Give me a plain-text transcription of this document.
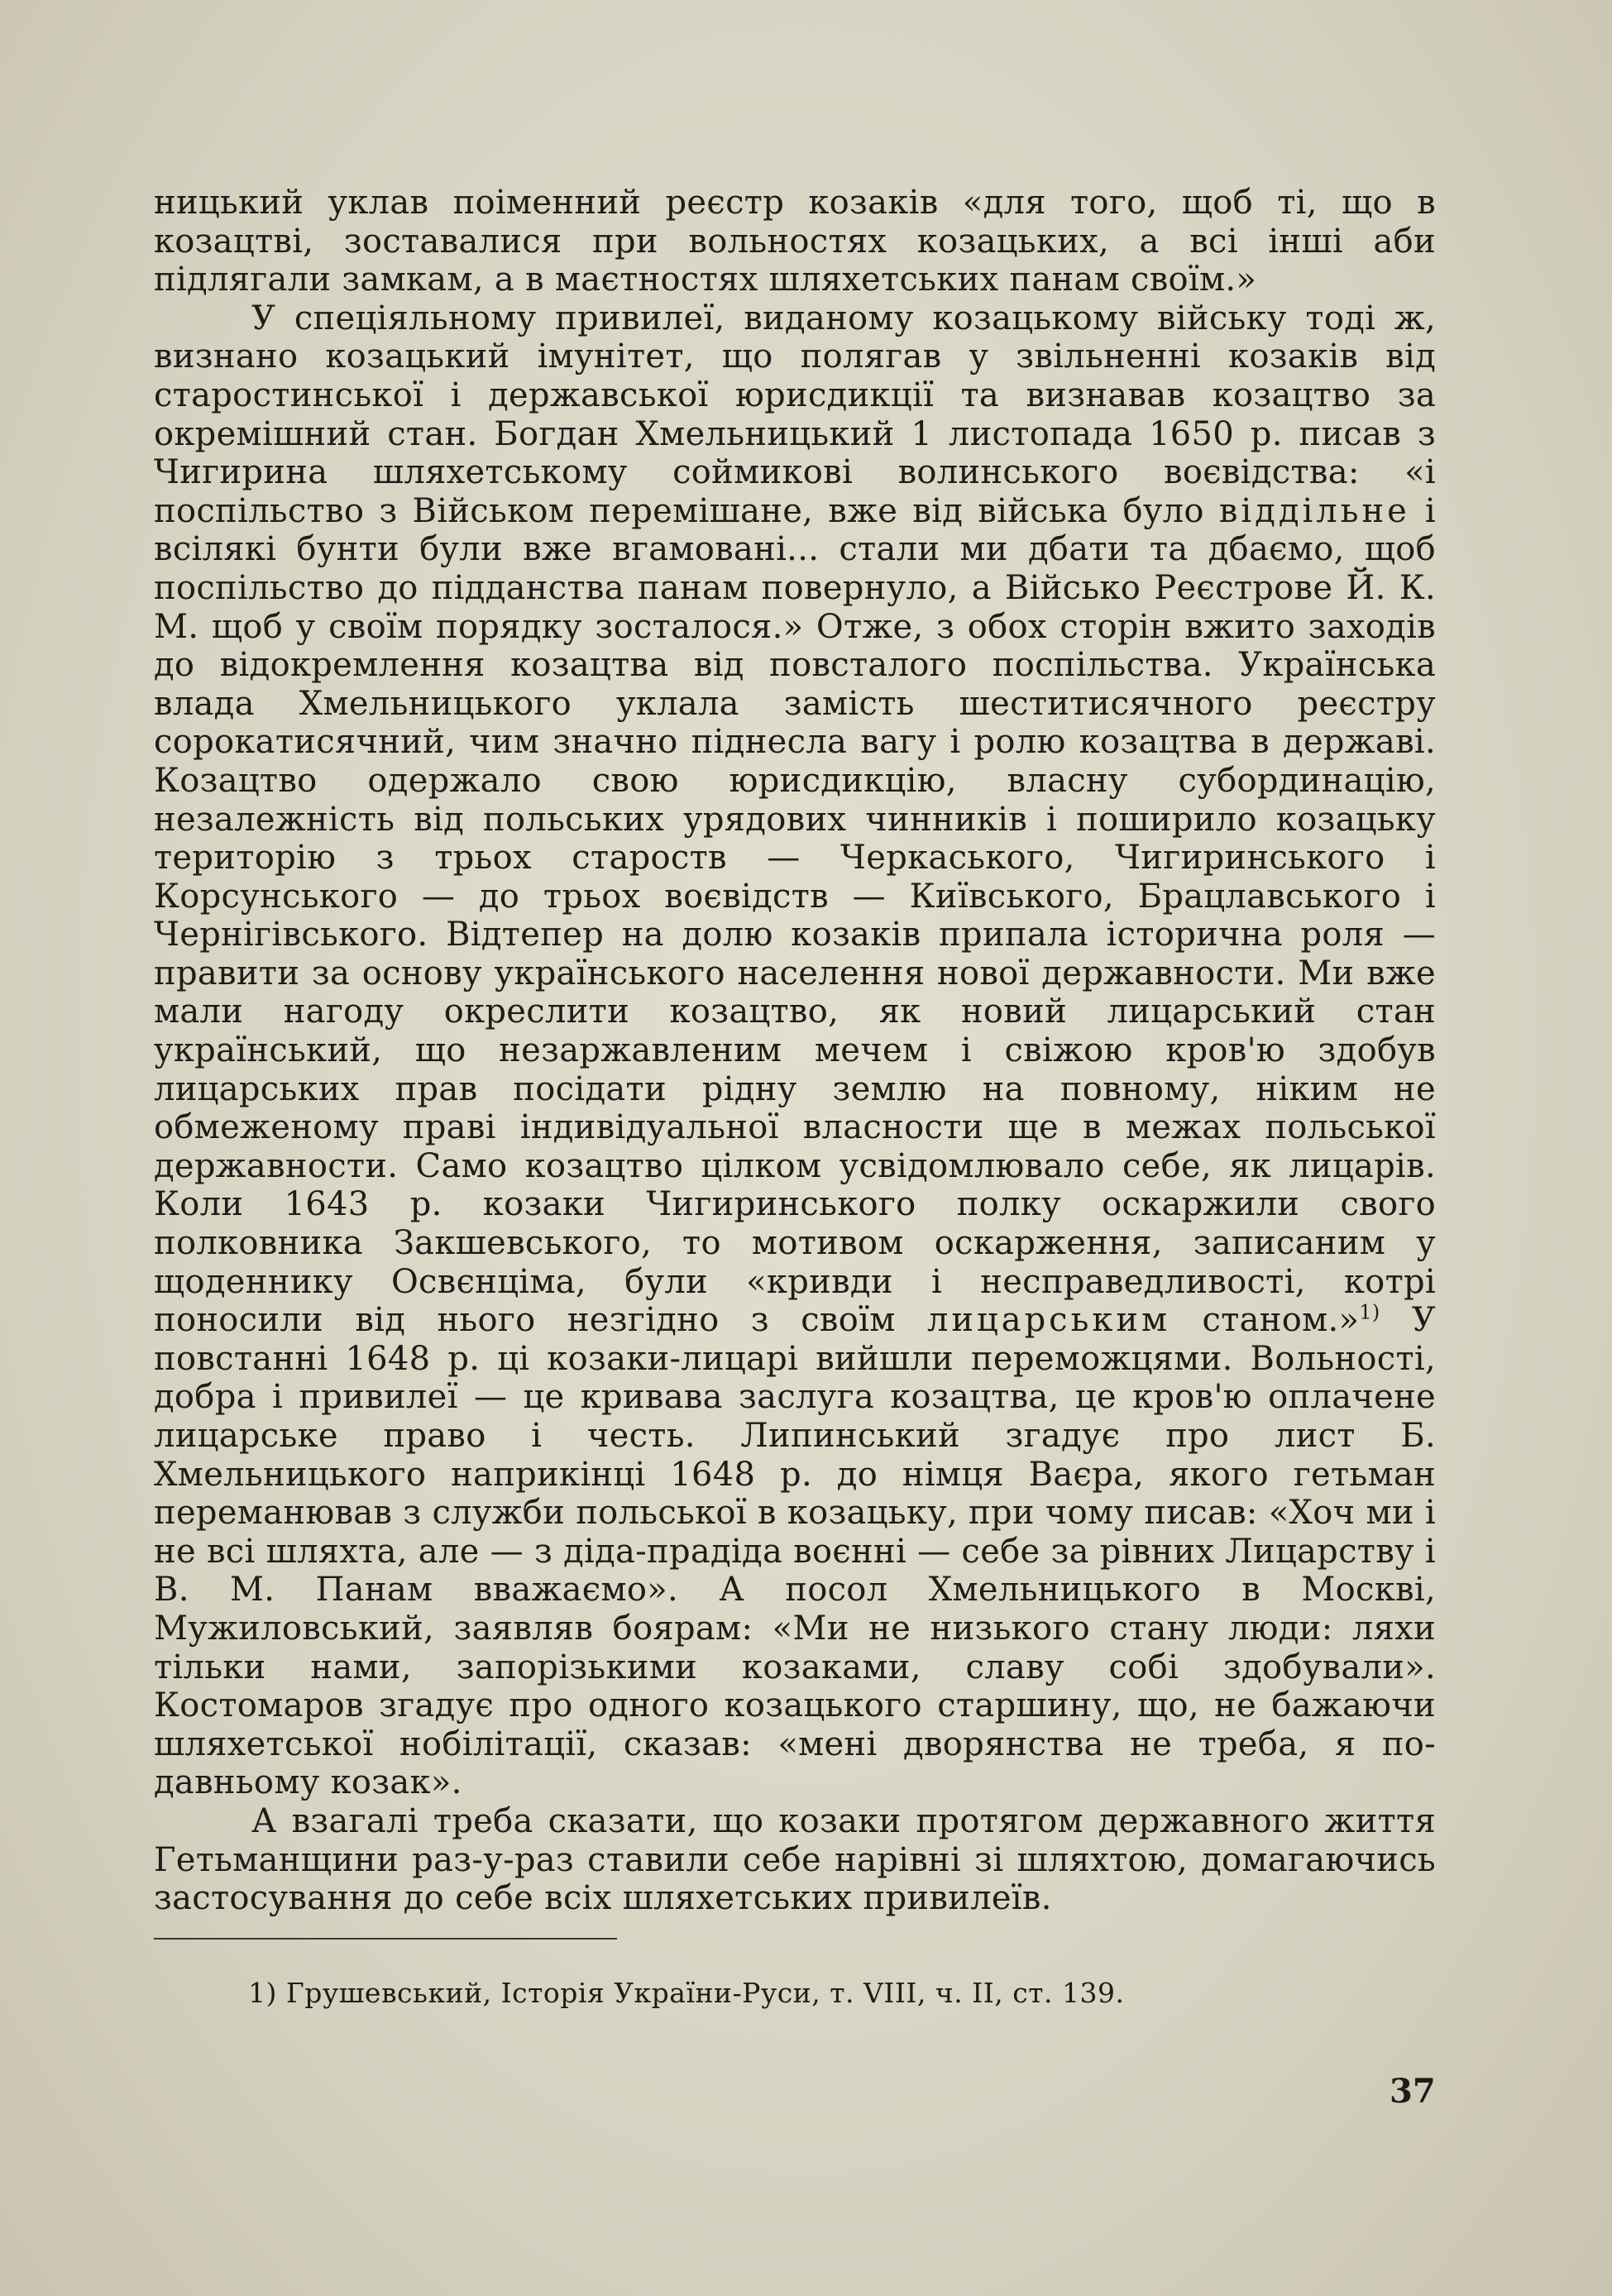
ницький уклав поіменний реєстр козаків «для того, щоб ті, що в козацтві, зоставалися при вольностях козацьких, а всі інші аби підлягали замкам, а в маєтностях шляхетських панам своїм.»

У спеціяльному привилеї, виданому козацькому війську тоді ж, визнано козацький імунітет, що полягав у звільненні козаків від старостинської і державської юрисдикції та визнавав козацтво за окремішний стан. Богдан Хмельницький 1 листопада 1650 р. писав з Чигирина шляхетському соймикові волинського воєвідства: «і поспільство з Військом перемішане, вже від війська було віддільне і всілякі бунти були вже вгамовані... стали ми дбати та дбаємо, щоб поспільство до підданства панам повернуло, а Військо Реєстрове Й. К. М. щоб у своїм порядку зосталося.» Отже, з обох сторін вжито заходів до відокремлення козацтва від повсталого поспільства. Українська влада Хмельницького уклала замість шеститисячного реєстру сорокатисячний, чим значно піднесла вагу і ролю козацтва в державі. Козацтво одержало свою юрисдикцію, власну субординацію, незалежність від польських урядових чинників і поширило козацьку територію з трьох староств — Черкаського, Чигиринського і Корсунського — до трьох воєвідств — Київського, Брацлавського і Чернігівського. Відтепер на долю козаків припала історична роля — правити за основу українського населення нової державности. Ми вже мали нагоду окреслити козацтво, як новий лицарський стан український, що незаржавленим мечем і свіжою кров'ю здобув лицарських прав посідати рідну землю на повному, ніким не обмеженому праві індивідуальної власности ще в межах польської державности. Само козацтво цілком усвідомлювало себе, як лицарів. Коли 1643 р. козаки Чигиринського полку оскаржили свого полковника Закшевського, то мотивом оскарження, записаним у щоденнику Освєнціма, були «кривди і несправедливості, котрі поносили від нього незгідно з своїм лицарським станом.»$^{1)}$ У повстанні 1648 р. ці козаки-лицарі вийшли переможцями. Вольності, добра і привилеї — це кривава заслуга козацтва, це кров'ю оплачене лицарське право і честь. Липинський згадує про лист Б. Хмельницького наприкінці 1648 р. до німця Ваєра, якого гетьман переманював з служби польської в козацьку, при чому писав: «Хоч ми і не всі шляхта, але — з діда-прадіда воєнні — себе за рівних Лицарству і В. М. Панам вважаємо». А посол Хмельницького в Москві, Мужиловський, заявляв боярам: «Ми не низького стану люди: ляхи тільки нами, запорізькими козаками, славу собі здобували». Костомаров згадує про одного козацького старшину, що, не бажаючи шляхетської нобілітації, сказав: «мені дворянства не треба, я по-давньому козак».

А взагалі треба сказати, що козаки протягом державного життя Гетьманщини раз-у-раз ставили себе нарівні зі шляхтою, домагаючись застосування до себе всіх шляхетських привилеїв.

1) Грушевський, Історія України-Руси, т. VIII, ч. II, ст. 139.
37
